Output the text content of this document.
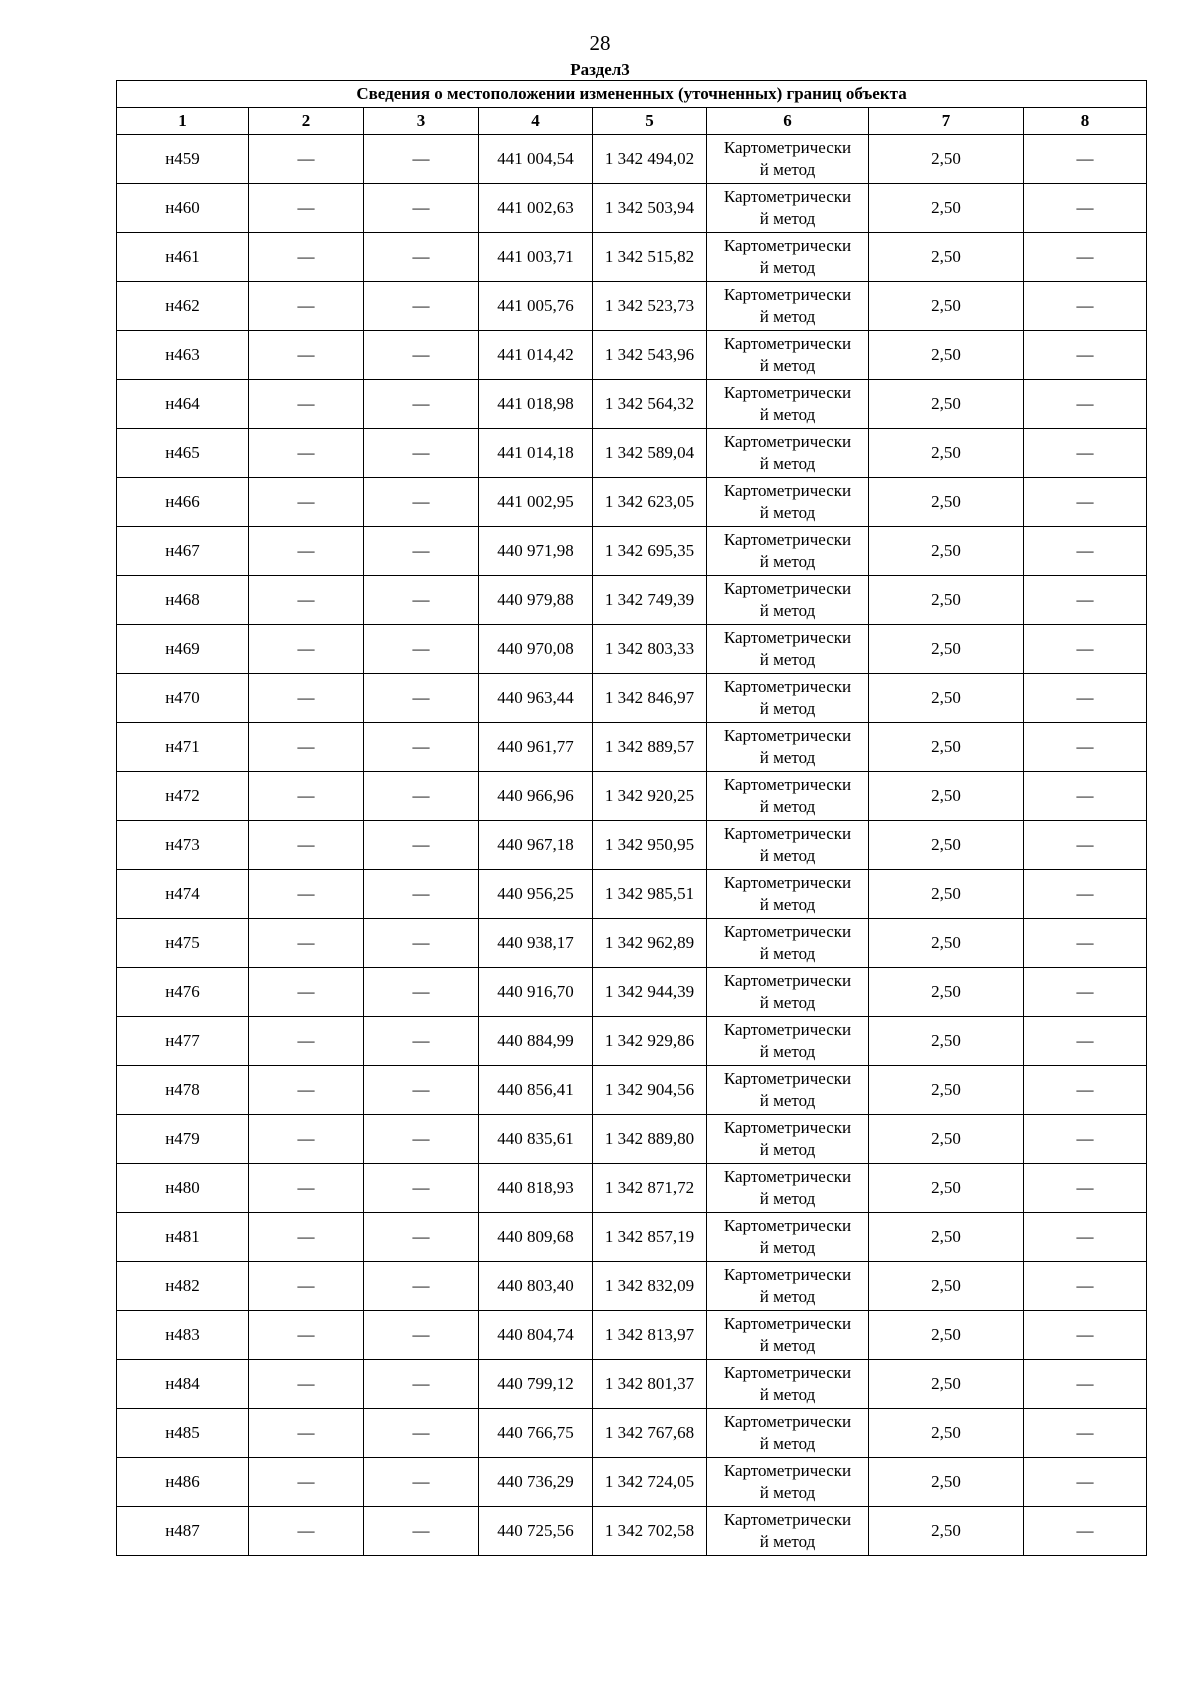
28
Раздел3
Сведения о местоположении измененных (уточненных) границ объекта							
1	2	3	4	5	6	7	8
н459	—	—	441 004,54	1 342 494,02	Картометрически
й метод	2,50	—
н460	—	—	441 002,63	1 342 503,94	Картометрически
й метод	2,50	—
н461	—	—	441 003,71	1 342 515,82	Картометрически
й метод	2,50	—
н462	—	—	441 005,76	1 342 523,73	Картометрически
й метод	2,50	—
н463	—	—	441 014,42	1 342 543,96	Картометрически
й метод	2,50	—
н464	—	—	441 018,98	1 342 564,32	Картометрически
й метод	2,50	—
н465	—	—	441 014,18	1 342 589,04	Картометрически
й метод	2,50	—
н466	—	—	441 002,95	1 342 623,05	Картометрически
й метод	2,50	—
н467	—	—	440 971,98	1 342 695,35	Картометрически
й метод	2,50	—
н468	—	—	440 979,88	1 342 749,39	Картометрически
й метод	2,50	—
н469	—	—	440 970,08	1 342 803,33	Картометрически
й метод	2,50	—
н470	—	—	440 963,44	1 342 846,97	Картометрически
й метод	2,50	—
н471	—	—	440 961,77	1 342 889,57	Картометрически
й метод	2,50	—
н472	—	—	440 966,96	1 342 920,25	Картометрически
й метод	2,50	—
н473	—	—	440 967,18	1 342 950,95	Картометрически
й метод	2,50	—
н474	—	—	440 956,25	1 342 985,51	Картометрически
й метод	2,50	—
н475	—	—	440 938,17	1 342 962,89	Картометрически
й метод	2,50	—
н476	—	—	440 916,70	1 342 944,39	Картометрически
й метод	2,50	—
н477	—	—	440 884,99	1 342 929,86	Картометрически
й метод	2,50	—
н478	—	—	440 856,41	1 342 904,56	Картометрически
й метод	2,50	—
н479	—	—	440 835,61	1 342 889,80	Картометрически
й метод	2,50	—
н480	—	—	440 818,93	1 342 871,72	Картометрически
й метод	2,50	—
н481	—	—	440 809,68	1 342 857,19	Картометрически
й метод	2,50	—
н482	—	—	440 803,40	1 342 832,09	Картометрически
й метод	2,50	—
н483	—	—	440 804,74	1 342 813,97	Картометрически
й метод	2,50	—
н484	—	—	440 799,12	1 342 801,37	Картометрически
й метод	2,50	—
н485	—	—	440 766,75	1 342 767,68	Картометрически
й метод	2,50	—
н486	—	—	440 736,29	1 342 724,05	Картометрически
й метод	2,50	—
н487	—	—	440 725,56	1 342 702,58	Картометрически
й метод	2,50	—
